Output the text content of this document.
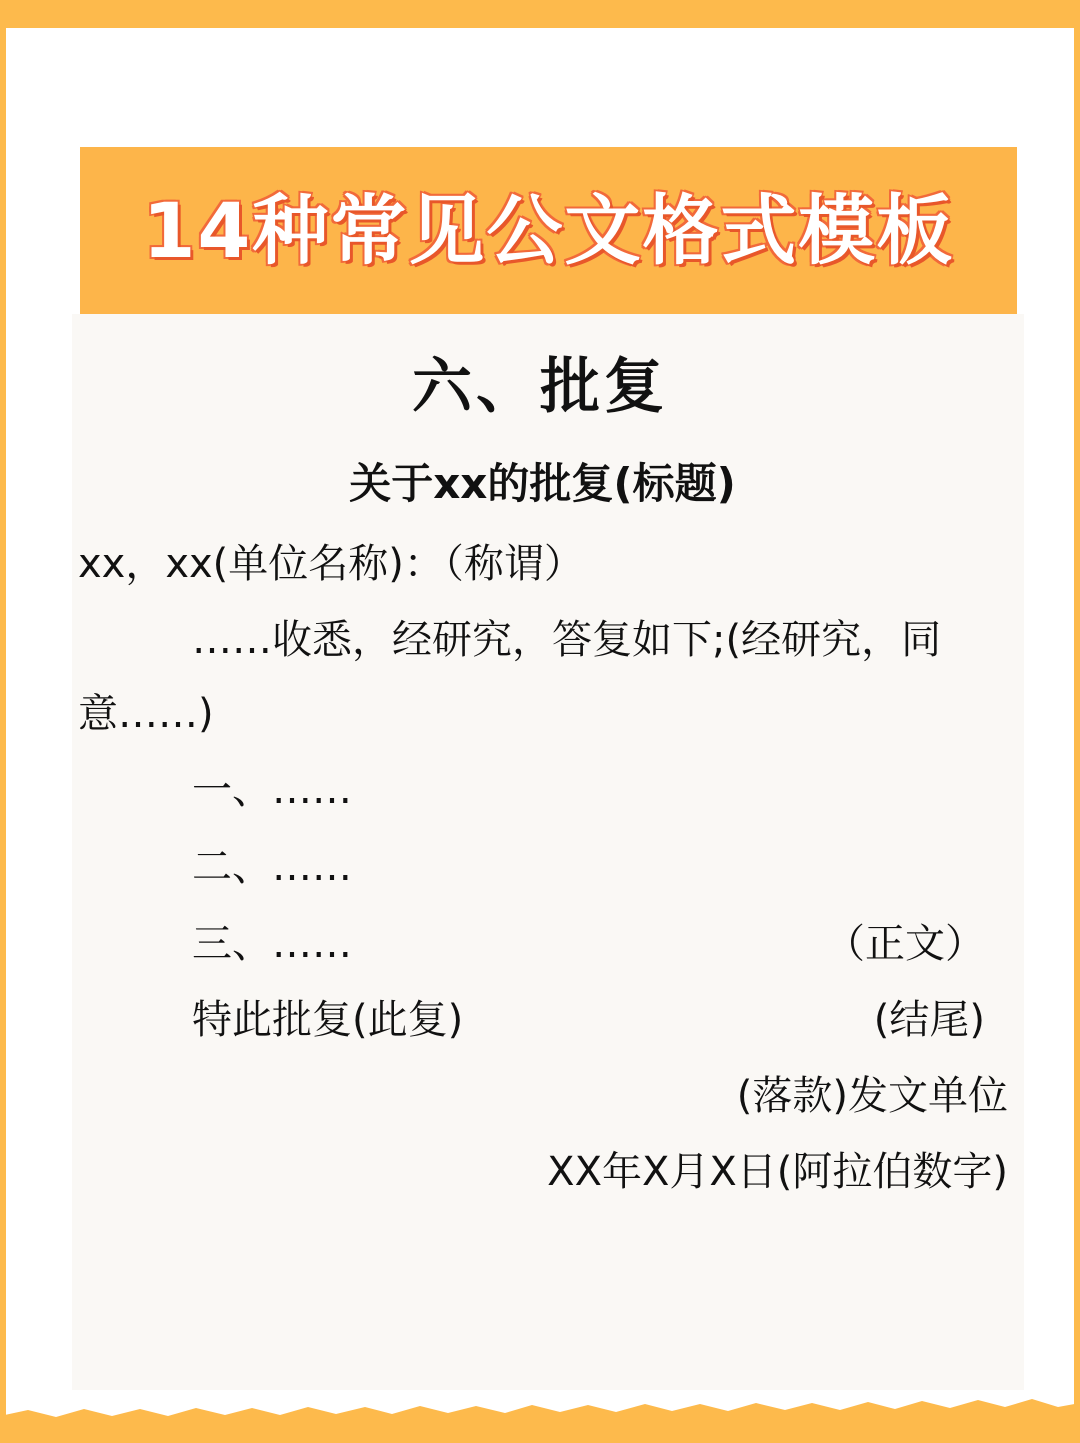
14种常见公文格式模板
六、批复
关于xx的批复(标题)
xx，xx(单位名称)：（称谓）
……收悉，经研究，答复如下;(经研究，同
意……)
一、……
二、……
三、……	（正文）
特此批复(此复)	(结尾)
(落款)发文单位
XX年X月X日(阿拉伯数字)
